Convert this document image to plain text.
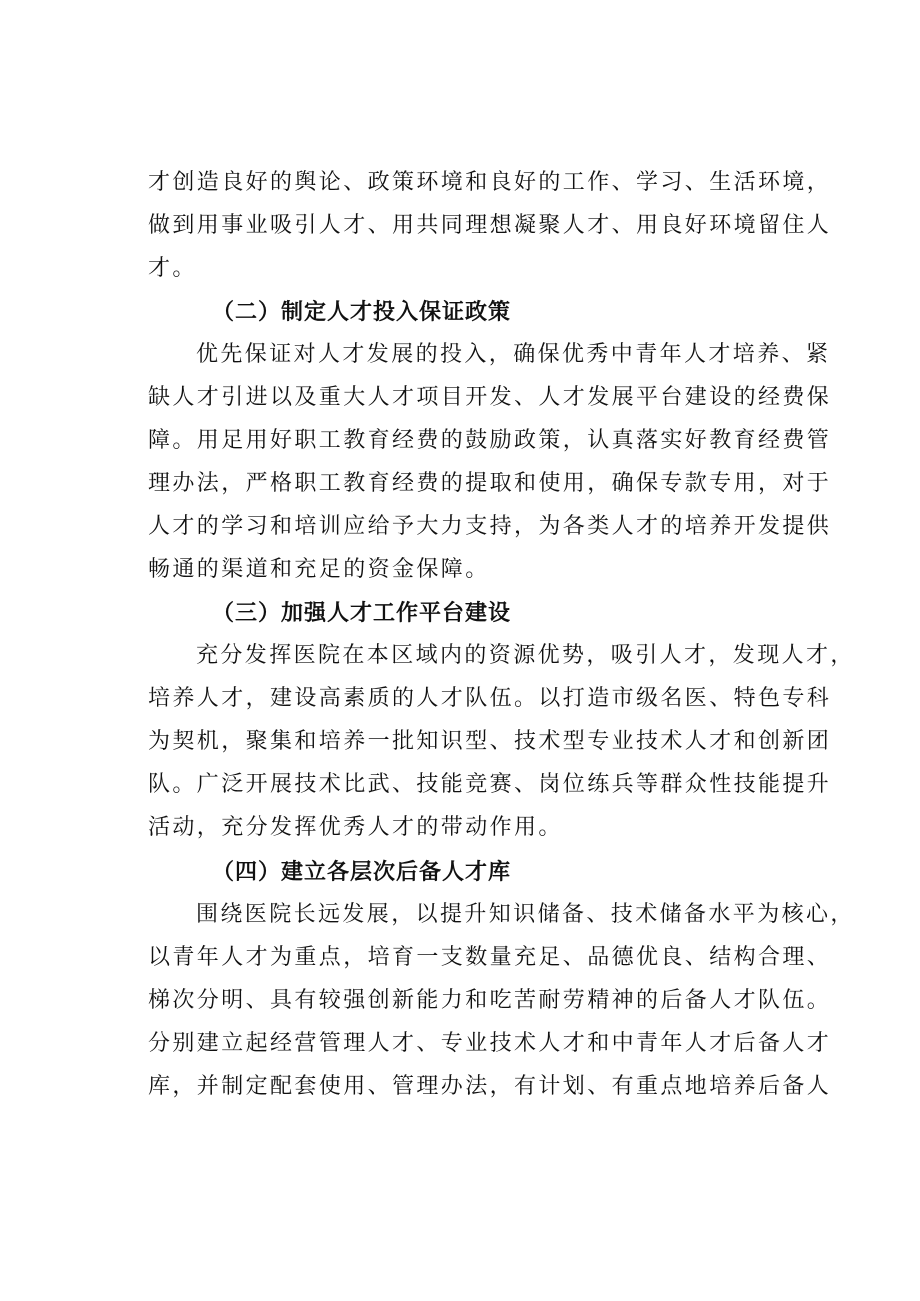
才创造良好的舆论、政策环境和良好的工作、学习、生活环境，
做到用事业吸引人才、用共同理想凝聚人才、用良好环境留住人
才。
（二）制定人才投入保证政策
优先保证对人才发展的投入，确保优秀中青年人才培养、紧
缺人才引进以及重大人才项目开发、人才发展平台建设的经费保
障。用足用好职工教育经费的鼓励政策，认真落实好教育经费管
理办法，严格职工教育经费的提取和使用，确保专款专用，对于
人才的学习和培训应给予大力支持，为各类人才的培养开发提供
畅通的渠道和充足的资金保障。
（三）加强人才工作平台建设
充分发挥医院在本区域内的资源优势，吸引人才，发现人才，
培养人才，建设高素质的人才队伍。以打造市级名医、特色专科
为契机，聚集和培养一批知识型、技术型专业技术人才和创新团
队。广泛开展技术比武、技能竞赛、岗位练兵等群众性技能提升
活动，充分发挥优秀人才的带动作用。
（四）建立各层次后备人才库
围绕医院长远发展，以提升知识储备、技术储备水平为核心，
以青年人才为重点，培育一支数量充足、品德优良、结构合理、
梯次分明、具有较强创新能力和吃苦耐劳精神的后备人才队伍。
分别建立起经营管理人才、专业技术人才和中青年人才后备人才
库，并制定配套使用、管理办法，有计划、有重点地培养后备人
